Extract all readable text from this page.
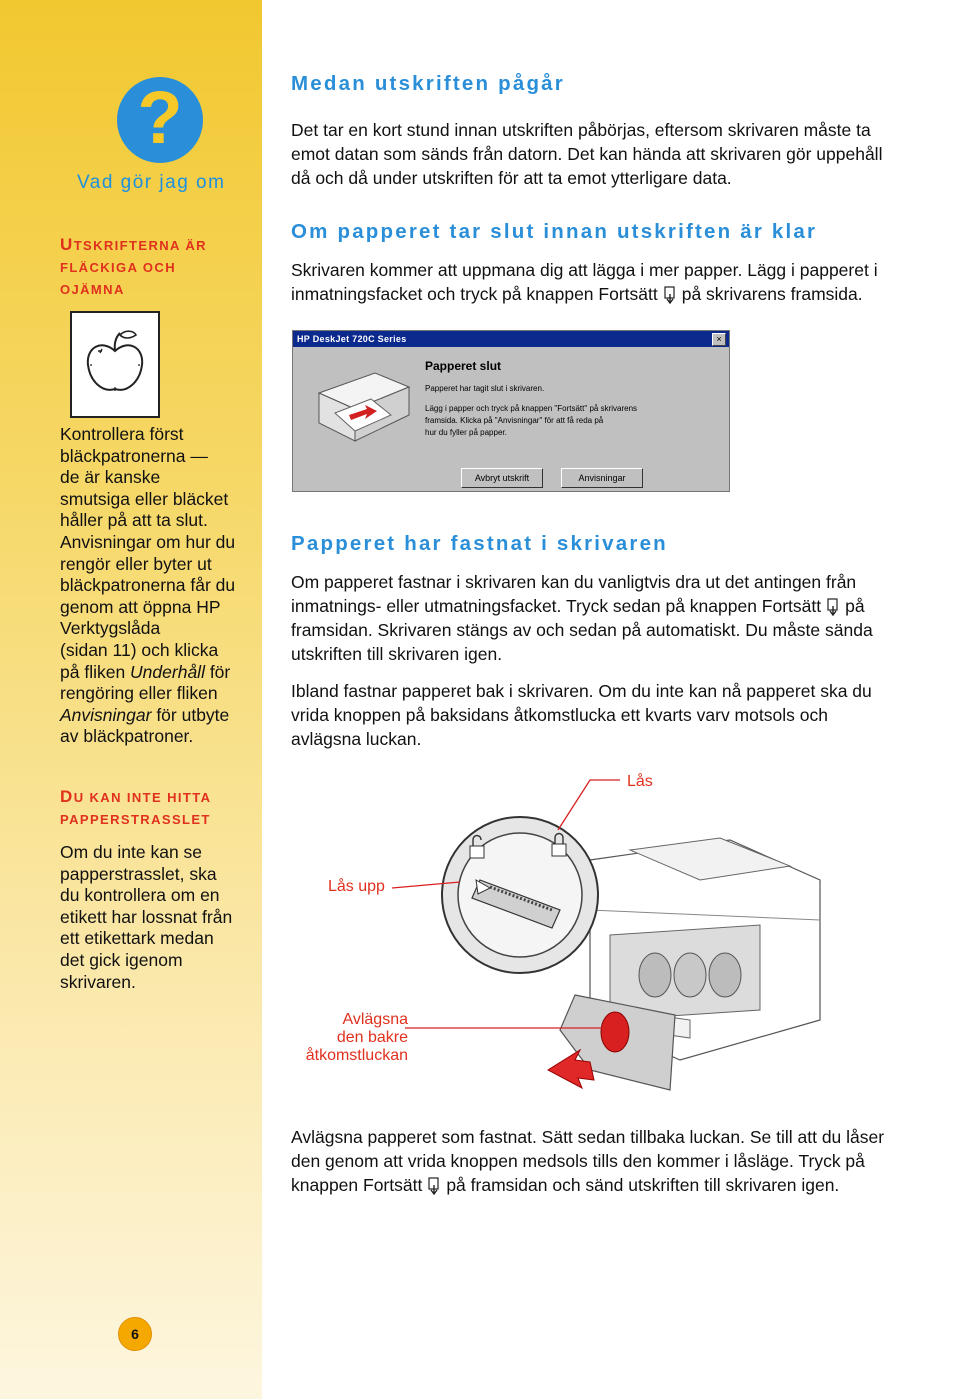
?
Vad gör jag om
UTSKRIFTERNA ÄR
FLÄCKIGA OCH
OJÄMNA
Kontrollera först
bläckpatronerna —
de är kanske
smutsiga eller bläcket
håller på att ta slut.
Anvisningar om hur du
rengör eller byter ut
bläckpatronerna får du
genom att öppna HP
Verktygslåda
(sidan 11) och klicka
på fliken Underhåll för
rengöring eller fliken
Anvisningar för utbyte
av bläckpatroner.
DU KAN INTE HITTA
PAPPERSTRASSLET
Om du inte kan se
papperstrasslet, ska
du kontrollera om en
etikett har lossnat från
ett etikettark medan
det gick igenom
skrivaren.
Medan utskriften pågår
Det tar en kort stund innan utskriften påbörjas, eftersom skrivaren måste ta
emot datan som sänds från datorn. Det kan hända att skrivaren gör uppehåll
då och då under utskriften för att ta emot ytterligare data.
Om papperet tar slut innan utskriften är klar
Skrivaren kommer att uppmana dig att lägga i mer papper. Lägg i papperet i
inmatningsfacket och tryck på knappen Fortsätt på skrivarens framsida.
HP DeskJet 720C Series	×
Papperet slut
Papperet har tagit slut i skrivaren.
Lägg i papper och tryck på knappen "Fortsätt" på skrivarens
framsida. Klicka på "Anvisningar" för att få reda på
hur du fyller på papper.
Avbryt utskrift	Anvisningar
Papperet har fastnat i skrivaren
Om papperet fastnar i skrivaren kan du vanligtvis dra ut det antingen från
inmatnings- eller utmatningsfacket. Tryck sedan på knappen Fortsätt på
framsidan. Skrivaren stängs av och sedan på automatiskt. Du måste sända
utskriften till skrivaren igen.
Ibland fastnar papperet bak i skrivaren. Om du inte kan nå papperet ska du
vrida knoppen på baksidans åtkomstlucka ett kvarts varv motsols och
avlägsna luckan.
Lås
Lås upp
Avlägsna
den bakre
åtkomstluckan
Avlägsna papperet som fastnat. Sätt sedan tillbaka luckan. Se till att du låser
den genom att vrida knoppen medsols tills den kommer i låsläge. Tryck på
knappen Fortsätt på framsidan och sänd utskriften till skrivaren igen.
6
